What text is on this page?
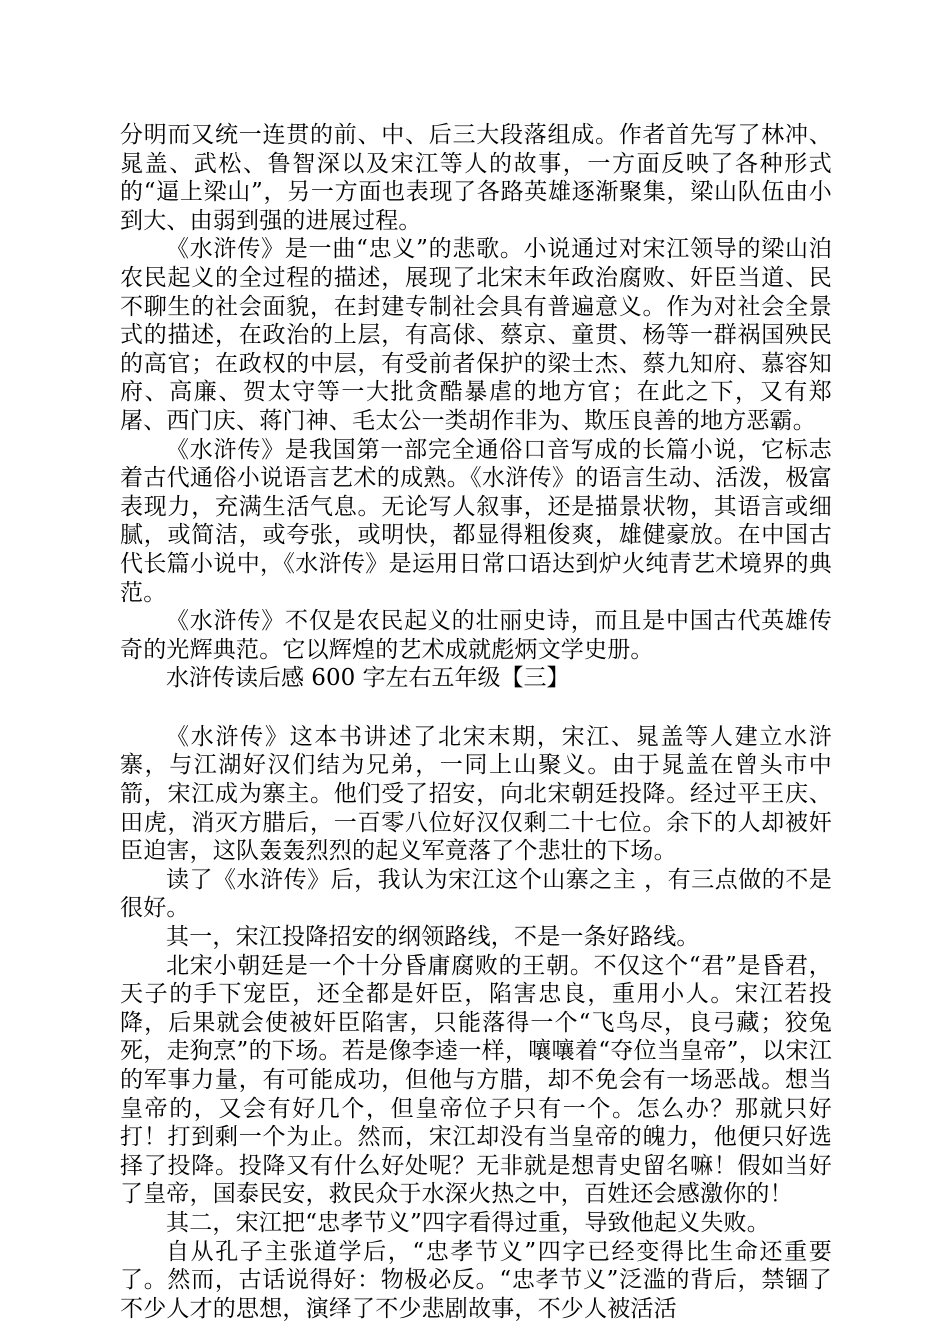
分明而又统一连贯的前、中、后三大段落组成。作者首先写了林冲、晁盖、武松、鲁智深以及宋江等人的故事，一方面反映了各种形式的“逼上梁山”，另一方面也表现了各路英雄逐渐聚集，梁山队伍由小到大、由弱到强的进展过程。

《水浒传》是一曲“忠义”的悲歌。小说通过对宋江领导的梁山泊农民起义的全过程的描述，展现了北宋末年政治腐败、奸臣当道、民不聊生的社会面貌，在封建专制社会具有普遍意义。作为对社会全景式的描述，在政治的上层，有高俅、蔡京、童贯、杨等一群祸国殃民的高官；在政权的中层，有受前者保护的梁士杰、蔡九知府、慕容知府、高廉、贺太守等一大批贪酷暴虐的地方官；在此之下，又有郑屠、西门庆、蒋门神、毛太公一类胡作非为、欺压良善的地方恶霸。

《水浒传》是我国第一部完全通俗口音写成的长篇小说，它标志着古代通俗小说语言艺术的成熟。《水浒传》的语言生动、活泼，极富表现力，充满生活气息。无论写人叙事，还是描景状物，其语言或细腻，或简洁，或夸张，或明快，都显得粗俊爽，雄健豪放。在中国古代长篇小说中，《水浒传》是运用日常口语达到炉火纯青艺术境界的典范。

《水浒传》不仅是农民起义的壮丽史诗，而且是中国古代英雄传奇的光辉典范。它以辉煌的艺术成就彪炳文学史册。

水浒传读后感 600 字左右五年级【三】

《水浒传》这本书讲述了北宋末期，宋江、晁盖等人建立水浒寨，与江湖好汉们结为兄弟，一同上山聚义。由于晁盖在曾头市中箭，宋江成为寨主。他们受了招安，向北宋朝廷投降。经过平王庆、田虎，消灭方腊后，一百零八位好汉仅剩二十七位。余下的人却被奸臣迫害，这队轰轰烈烈的起义军竟落了个悲壮的下场。

读了《水浒传》后，我认为宋江这个山寨之主 ，有三点做的不是很好。

其一，宋江投降招安的纲领路线，不是一条好路线。

北宋小朝廷是一个十分昏庸腐败的王朝。不仅这个“君”是昏君，天子的手下宠臣，还全都是奸臣，陷害忠良，重用小人。宋江若投降，后果就会使被奸臣陷害，只能落得一个“飞鸟尽，良弓藏；狡兔死，走狗烹”的下场。若是像李逵一样，嚷嚷着“夺位当皇帝”，以宋江的军事力量，有可能成功，但他与方腊，却不免会有一场恶战。想当皇帝的，又会有好几个，但皇帝位子只有一个。怎么办？那就只好打！打到剩一个为止。然而，宋江却没有当皇帝的魄力，他便只好选择了投降。投降又有什么好处呢？无非就是想青史留名嘛！假如当好了皇帝，国泰民安，救民众于水深火热之中，百姓还会感激你的！

其二，宋江把“忠孝节义”四字看得过重，导致他起义失败。

自从孔子主张道学后，“忠孝节义”四字已经变得比生命还重要了。然而，古话说得好：物极必反。“忠孝节义”泛滥的背后，禁锢了不少人才的思想，演绎了不少悲剧故事，不少人被活活
